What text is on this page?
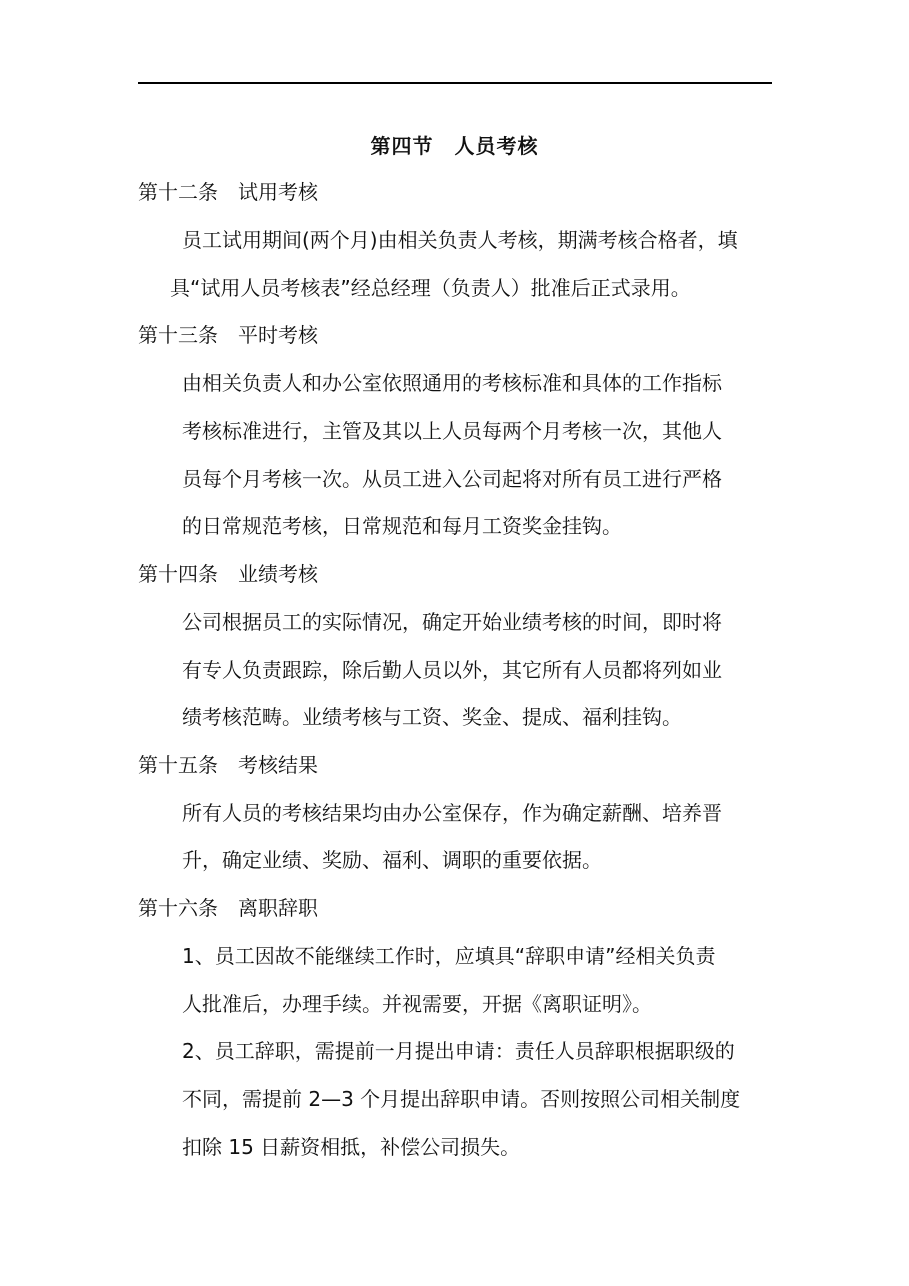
第四节　人员考核
第十二条　试用考核
员工试用期间(两个月)由相关负责人考核，期满考核合格者，填
具“试用人员考核表”经总经理（负责人）批准后正式录用。
第十三条　平时考核
由相关负责人和办公室依照通用的考核标准和具体的工作指标
考核标准进行，主管及其以上人员每两个月考核一次，其他人
员每个月考核一次。从员工进入公司起将对所有员工进行严格
的日常规范考核，日常规范和每月工资奖金挂钩。
第十四条　业绩考核
公司根据员工的实际情况，确定开始业绩考核的时间，即时将
有专人负责跟踪，除后勤人员以外，其它所有人员都将列如业
绩考核范畴。业绩考核与工资、奖金、提成、福利挂钩。
第十五条　考核结果
所有人员的考核结果均由办公室保存，作为确定薪酬、培养晋
升，确定业绩、奖励、福利、调职的重要依据。
第十六条　离职辞职
1、员工因故不能继续工作时，应填具“辞职申请”经相关负责
人批准后，办理手续。并视需要，开据《离职证明》。
2、员工辞职，需提前一月提出申请：责任人员辞职根据职级的
不同，需提前 2—3 个月提出辞职申请。否则按照公司相关制度
扣除 15 日薪资相抵，补偿公司损失。
